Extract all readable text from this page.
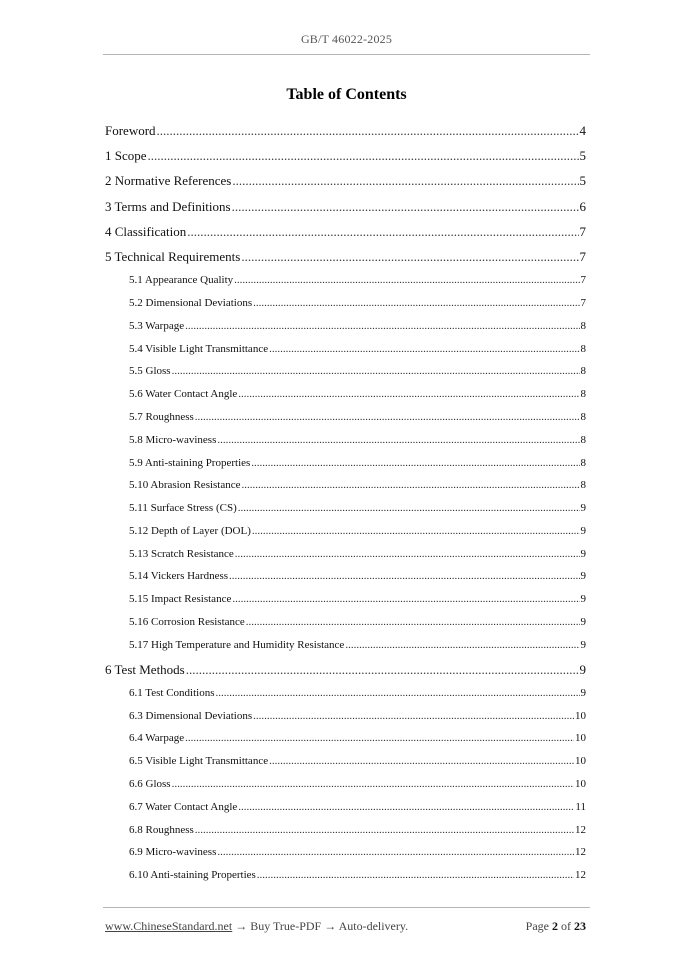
GB/T 46022-2025
Table of Contents
Foreword .....	4
1 Scope .....	5
2 Normative References .....	5
3 Terms and Definitions .....	6
4 Classification .....	7
5 Technical Requirements .....	7
5.1 Appearance Quality .....	7
5.2 Dimensional Deviations .....	7
5.3 Warpage .....	8
5.4 Visible Light Transmittance .....	8
5.5 Gloss .....	8
5.6 Water Contact Angle .....	8
5.7 Roughness .....	8
5.8 Micro-waviness .....	8
5.9 Anti-staining Properties .....	8
5.10 Abrasion Resistance .....	8
5.11 Surface Stress (CS) .....	9
5.12 Depth of Layer (DOL) .....	9
5.13 Scratch Resistance .....	9
5.14 Vickers Hardness .....	9
5.15 Impact Resistance .....	9
5.16 Corrosion Resistance .....	9
5.17 High Temperature and Humidity Resistance .....	9
6 Test Methods .....	9
6.1 Test Conditions .....	9
6.3 Dimensional Deviations .....	10
6.4 Warpage .....	10
6.5 Visible Light Transmittance .....	10
6.6 Gloss .....	10
6.7 Water Contact Angle .....	11
6.8 Roughness .....	12
6.9 Micro-waviness .....	12
6.10 Anti-staining Properties .....	12
www.ChineseStandard.net → Buy True-PDF → Auto-delivery.	Page 2 of 23
